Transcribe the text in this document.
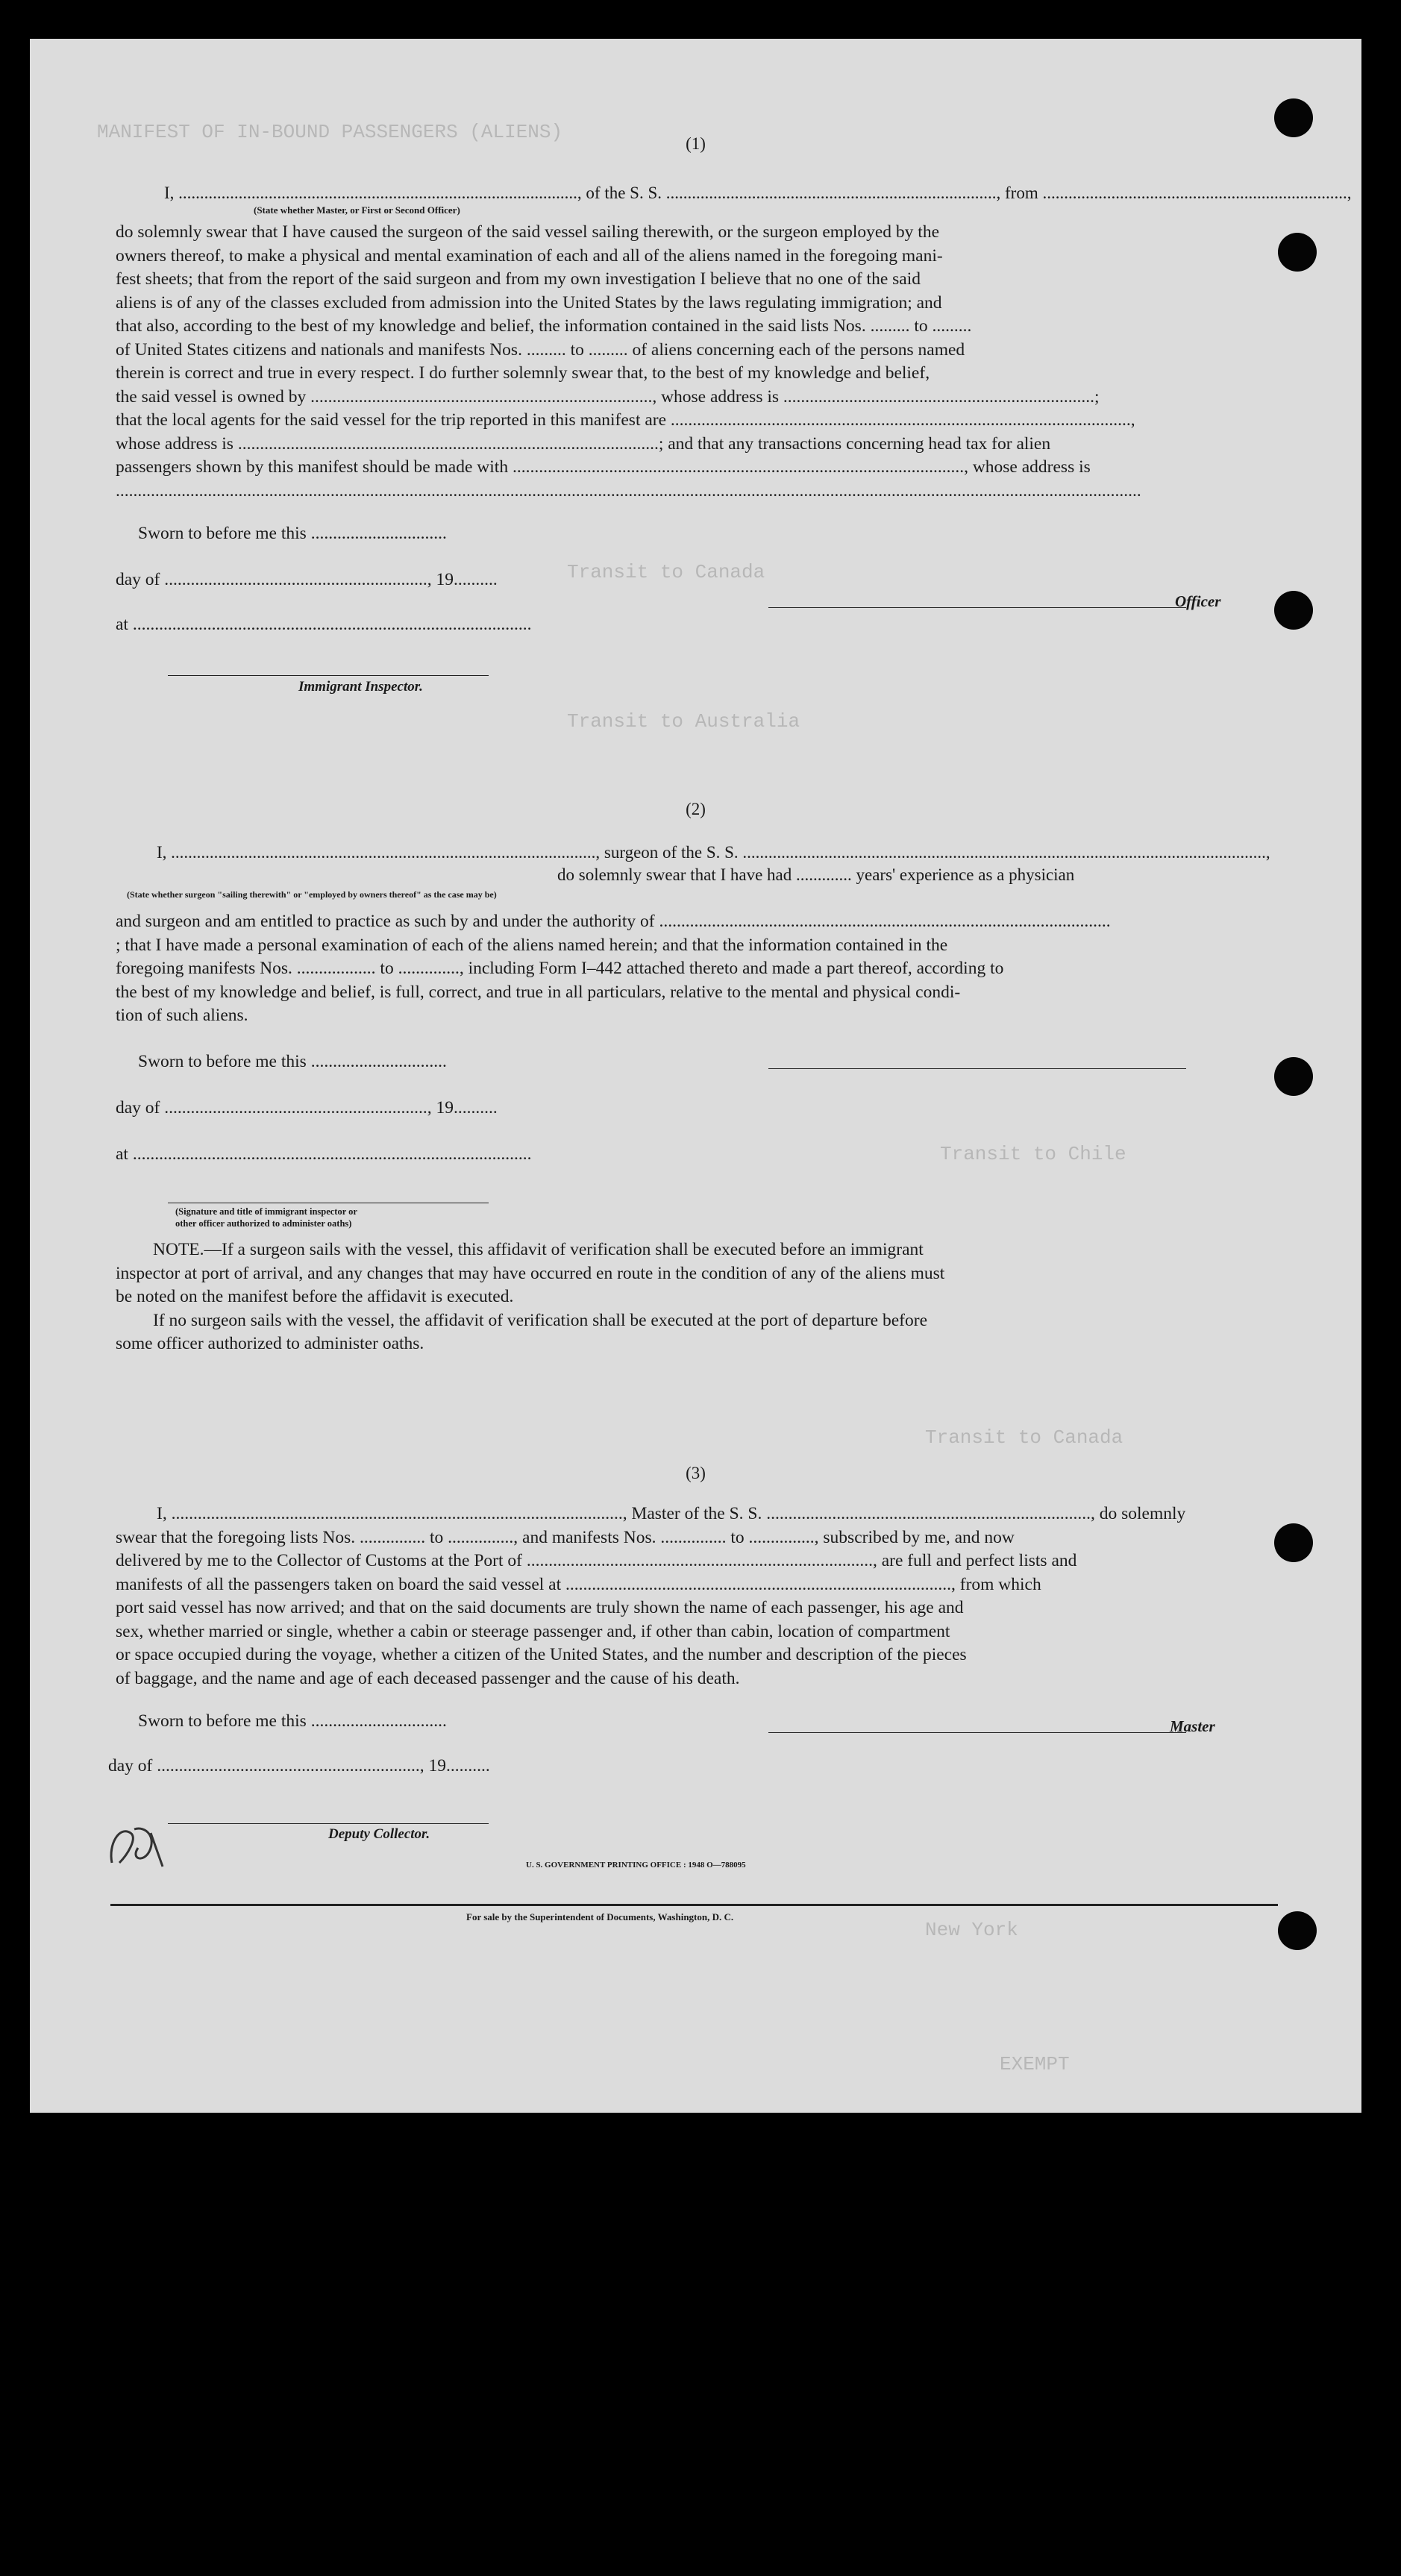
MANIFEST OF IN-BOUND PASSENGERS (ALIENS)
Transit to Canada
Transit to Australia
Transit to Chile
Transit to Canada
New York
EXEMPT
(1)
I, ............................................................................................., of the S. S. ............................................................................., from .......................................................................,
(State whether Master, or First or Second Officer)
do solemnly swear that I have caused the surgeon of the said vessel sailing therewith, or the surgeon employed by the
owners thereof, to make a physical and mental examination of each and all of the aliens named in the foregoing mani-
fest sheets; that from the report of the said surgeon and from my own investigation I believe that no one of the said
aliens is of any of the classes excluded from admission into the United States by the laws regulating immigration; and
that also, according to the best of my knowledge and belief, the information contained in the said lists Nos. ......... to .........
of United States citizens and nationals and manifests Nos. ......... to ......... of aliens concerning each of the persons named
therein is correct and true in every respect. I do further solemnly swear that, to the best of my knowledge and belief,
the said vessel is owned by .............................................................................., whose address is .......................................................................;
that the local agents for the said vessel for the trip reported in this manifest are .........................................................................................................,
whose address is ................................................................................................; and that any transactions concerning head tax for alien
passengers shown by this manifest should be made with ......................................................................................................., whose address is
..........................................................................................................................................................................................................................................
Sworn to before me this ...............................
day of ............................................................, 19..........
at ...........................................................................................
Immigrant Inspector.
Officer
(2)
I, ..................................................................................................., surgeon of the S. S. ..........................................................................................................................,
do solemnly swear that I have had ............. years' experience as a physician
(State whether surgeon "sailing therewith" or "employed by owners thereof" as the case may be)
and surgeon and am entitled to practice as such by and under the authority of .......................................................................................................
; that I have made a personal examination of each of the aliens named herein; and that the information contained in the
foregoing manifests Nos. .................. to .............., including Form I–442 attached thereto and made a part thereof, according to
the best of my knowledge and belief, is full, correct, and true in all particulars, relative to the mental and physical condi-
tion of such aliens.
Sworn to before me this ...............................
day of ............................................................, 19..........
at ...........................................................................................
(Signature and title of immigrant inspector or
other officer authorized to administer oaths)
NOTE.—If a surgeon sails with the vessel, this affidavit of verification shall be executed before an immigrant
inspector at port of arrival, and any changes that may have occurred en route in the condition of any of the aliens must
be noted on the manifest before the affidavit is executed.
If no surgeon sails with the vessel, the affidavit of verification shall be executed at the port of departure before
some officer authorized to administer oaths.
(3)
I, ......................................................................................................., Master of the S. S. .........................................................................., do solemnly
swear that the foregoing lists Nos. ............... to ..............., and manifests Nos. ............... to ..............., subscribed by me, and now
delivered by me to the Collector of Customs at the Port of ..............................................................................., are full and perfect lists and
manifests of all the passengers taken on board the said vessel at ........................................................................................, from which
port said vessel has now arrived; and that on the said documents are truly shown the name of each passenger, his age and
sex, whether married or single, whether a cabin or steerage passenger and, if other than cabin, location of compartment
or space occupied during the voyage, whether a citizen of the United States, and the number and description of the pieces
of baggage, and the name and age of each deceased passenger and the cause of his death.
Sworn to before me this ...............................
day of ............................................................, 19..........
Master
Deputy Collector.
U. S. GOVERNMENT PRINTING OFFICE : 1948 O—788095
For sale by the Superintendent of Documents, Washington, D. C.
